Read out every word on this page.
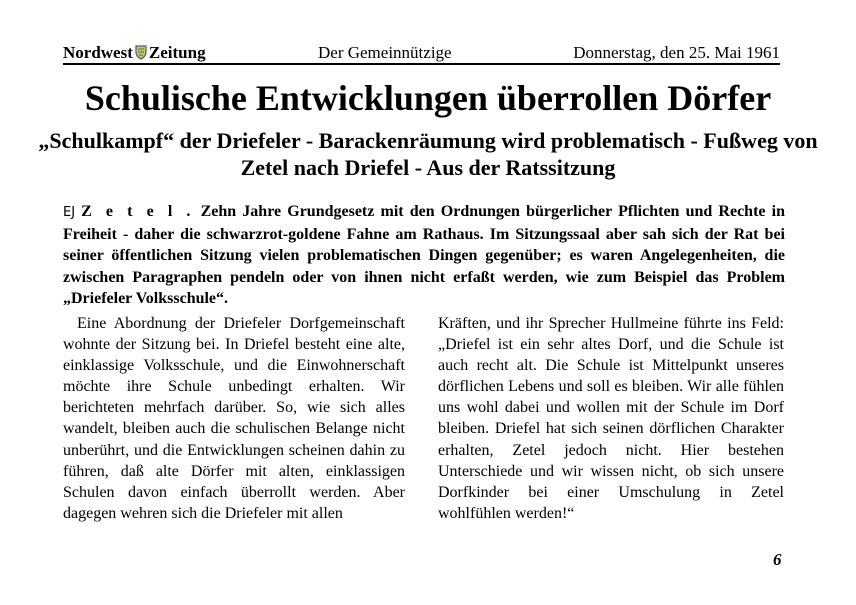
Nordwest Zeitung	Der Gemeinnützige	Donnerstag, den 25. Mai 1961
Schulische Entwicklungen überrollen Dörfer
„Schulkampf“ der Driefeler - Barackenräumung wird problematisch - Fußweg von Zetel nach Driefel - Aus der Ratssitzung
EJ Z e t e l . Zehn Jahre Grundgesetz mit den Ordnungen bürgerlicher Pflichten und Rechte in Freiheit - daher die schwarzrot-goldene Fahne am Rathaus. Im Sitzungssaal aber sah sich der Rat bei seiner öffentlichen Sitzung vielen problematischen Dingen gegenüber; es waren Angelegenheiten, die zwischen Paragraphen pendeln oder von ihnen nicht erfaßt werden, wie zum Beispiel das Problem „Driefeler Volksschule“.

Eine Abordnung der Driefeler Dorfgemeinschaft wohnte der Sitzung bei. In Driefel besteht eine alte, einklassige Volksschule, und die Einwohnerschaft möchte ihre Schule unbedingt erhalten. Wir berichteten mehrfach darüber. So, wie sich alles wandelt, bleiben auch die schulischen Belange nicht unberührt, und die Entwicklungen scheinen dahin zu führen, daß alte Dörfer mit alten, einklassigen Schulen davon einfach überrollt werden. Aber dagegen wehren sich die Driefeler mit allen

Kräften, und ihr Sprecher Hullmeine führte ins Feld: „Driefel ist ein sehr altes Dorf, und die Schule ist auch recht alt. Die Schule ist Mittelpunkt unseres dörflichen Lebens und soll es bleiben. Wir alle fühlen uns wohl dabei und wollen mit der Schule im Dorf bleiben. Driefel hat sich seinen dörflichen Charakter erhalten, Zetel jedoch nicht. Hier bestehen Unterschiede und wir wissen nicht, ob sich unsere Dorfkinder bei einer Umschulung in Zetel wohlfühlen werden!“

6
